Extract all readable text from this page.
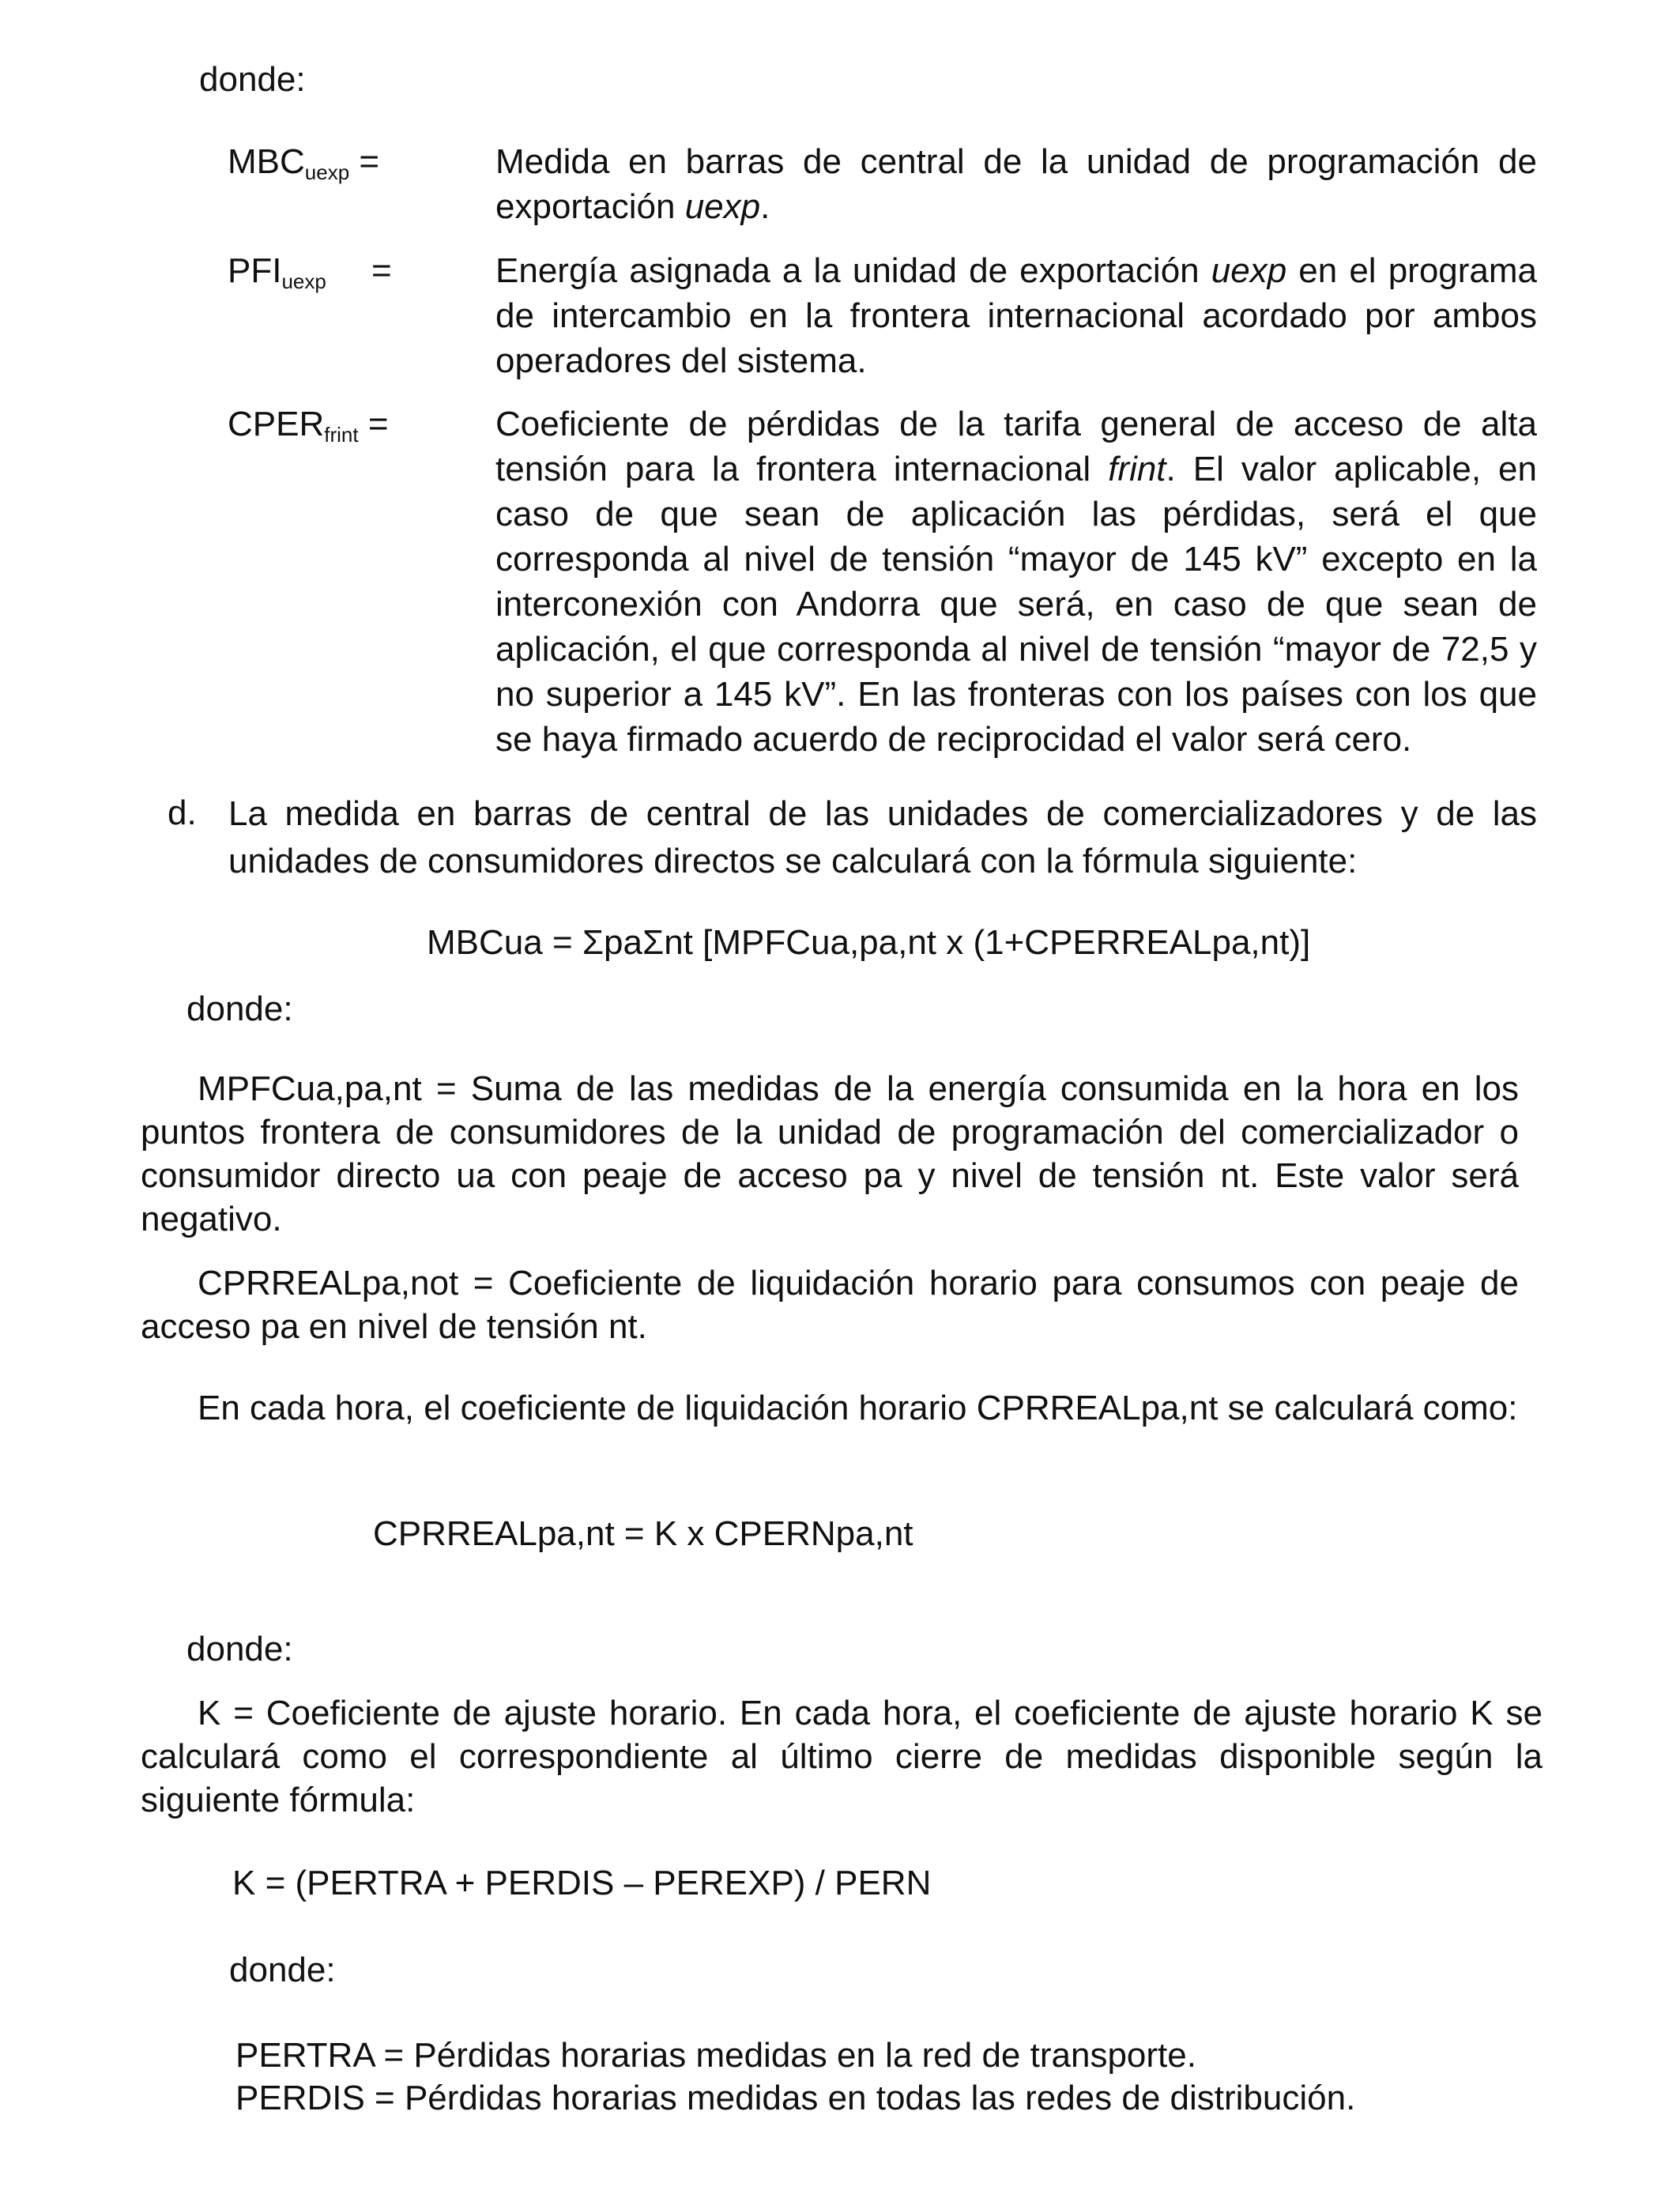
donde:
MBCuexp =	Medida en barras de central de la unidad de programación de exportación uexp.
PFIuexp =	Energía asignada a la unidad de exportación uexp en el programa de intercambio en la frontera internacional acordado por ambos operadores del sistema.
CPERfrint =	Coeficiente de pérdidas de la tarifa general de acceso de alta tensión para la frontera internacional frint. El valor aplicable, en caso de que sean de aplicación las pérdidas, será el que corresponda al nivel de tensión “mayor de 145 kV” excepto en la interconexión con Andorra que será, en caso de que sean de aplicación, el que corresponda al nivel de tensión “mayor de 72,5 y no superior a 145 kV”. En las fronteras con los países con los que se haya firmado acuerdo de reciprocidad el valor será cero.
d. La medida en barras de central de las unidades de comercializadores y de las unidades de consumidores directos se calculará con la fórmula siguiente:
MBCua = ΣpaΣnt [MPFCua,pa,nt x (1+CPERREALpa,nt)]
donde:
MPFCua,pa,nt = Suma de las medidas de la energía consumida en la hora en los puntos frontera de consumidores de la unidad de programación del comercializador o consumidor directo ua con peaje de acceso pa y nivel de tensión nt. Este valor será negativo.
CPRREALpa,not = Coeficiente de liquidación horario para consumos con peaje de acceso pa en nivel de tensión nt.
En cada hora, el coeficiente de liquidación horario CPRREALpa,nt se calculará como:
CPRREALpa,nt = K x CPERNpa,nt
donde:
K = Coeficiente de ajuste horario. En cada hora, el coeficiente de ajuste horario K se calculará como el correspondiente al último cierre de medidas disponible según la siguiente fórmula:
K = (PERTRA + PERDIS – PEREXP) / PERN
donde:
PERTRA = Pérdidas horarias medidas en la red de transporte.
PERDIS = Pérdidas horarias medidas en todas las redes de distribución.
